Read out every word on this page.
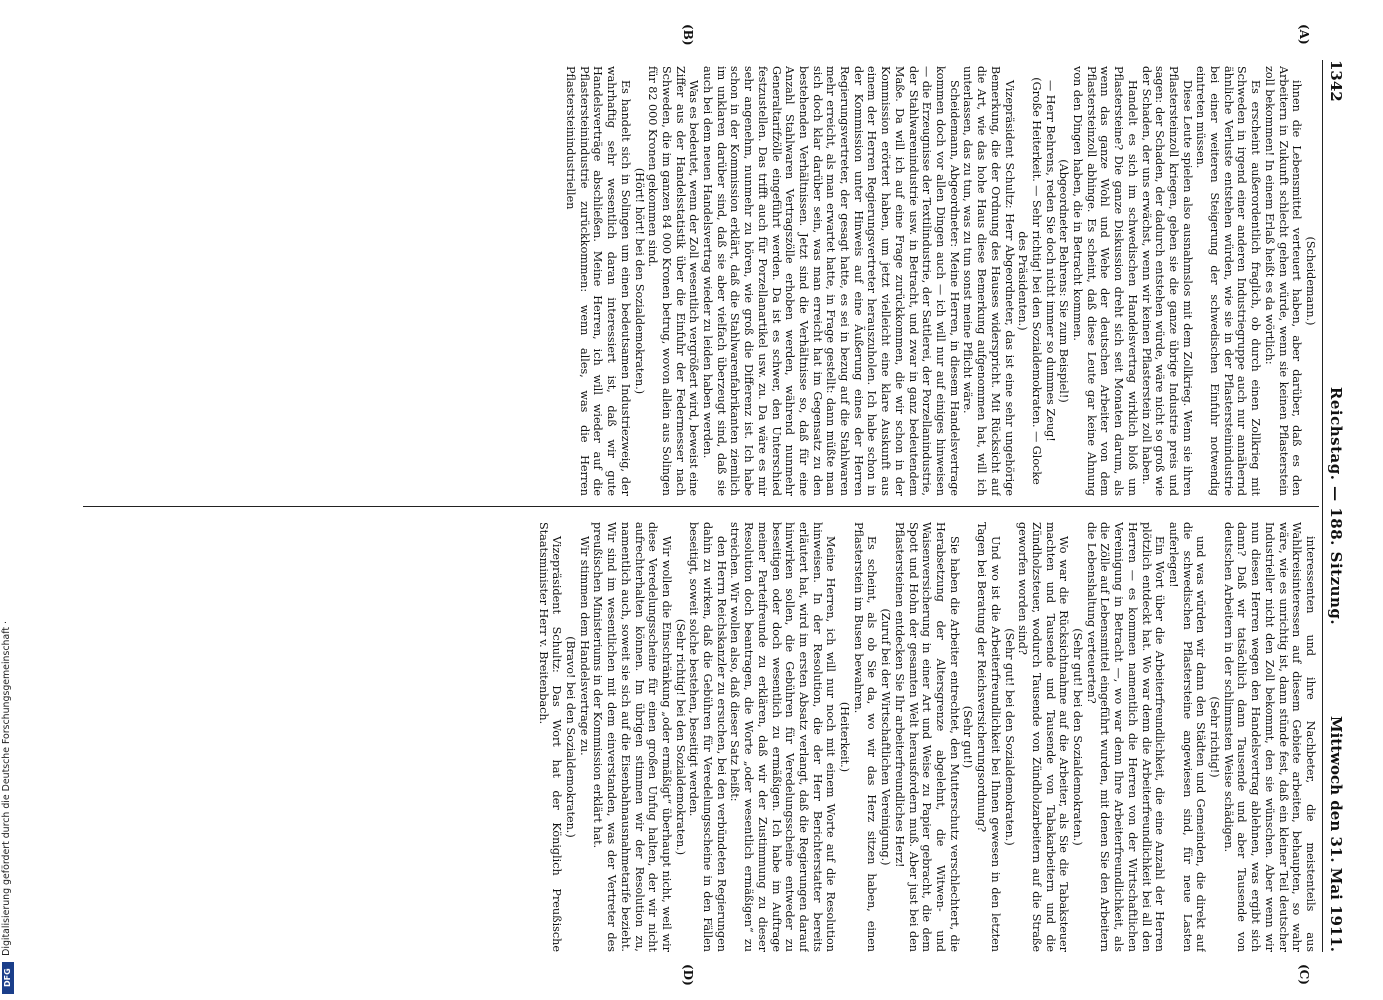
1342
Reichstag. — 188. Sitzung.
Mittwoch den 31. Mai 1911.
(A)
(B)
(C)
(D)

(Scheidemann.)

ihnen die Lebensmittel verteuert haben, aber darüber, daß es den Arbeitern in Zukunft schlecht gehen würde, wenn sie keinen Pflasterstein zoll bekommen! In einem Erlaß heißt es da wörtlich:

Es erscheint außerordentlich fraglich, ob durch einen Zollkrieg mit Schweden in irgend einer anderen Industriegruppe auch nur annähernd ähnliche Verluste entstehen würden, wie sie in der Pflastersteinindustrie bei einer weiteren Steigerung der schwedischen Einfuhr notwendig eintreten müssen.

Diese Leute spielen also ausnahmslos mit dem Zollkrieg. Wenn sie ihren Pflastersteinzoll kriegen, geben sie die ganze übrige Industrie preis und sagen: der Schaden, der dadurch entstehen würde, wäre nicht so groß wie der Schaden, der uns erwächst, wenn wir keinen Pflasterstein zoll haben.

Handelt es sich im schwedischen Handelsvertrag wirklich bloß um Pflastersteine? Die ganze Diskussion dreht sich seit Monaten darum, als wenn das ganze Wohl und Wehe der deutschen Arbeiter von dem Pflastersteinzoll abhinge. Es scheint, daß diese Leute gar keine Ahnung von den Dingen haben, die in Betracht kommen.

(Abgeordneter Behrens: Sie zum Beispiel!)

— Herr Behrens, reden Sie doch nicht immer so dummes Zeug!

(Große Heiterkeit. — Sehr richtig! bei den Sozialdemokraten. — Glocke des Präsidenten.)

Vizepräsident Schultz: Herr Abgeordneter, das ist eine sehr ungehörige Bemerkung, die der Ordnung des Hauses widerspricht. Mit Rücksicht auf die Art, wie das hohe Haus diese Bemerkung aufgenommen hat, will ich unterlassen, das zu tun, was zu tun sonst meine Pflicht wäre.

Scheidemann, Abgeordneter: Meine Herren, in diesem Handelsvertrage kommen doch vor allen Dingen auch — ich will nur auf einiges hinweisen — die Erzeugnisse der Textilindustrie, der Sattlerei, der Porzellanindustrie, der Stahlwarenindustrie usw. in Betracht, und zwar in ganz bedeutendem Maße. Da will ich auf eine Frage zurückkommen, die wir schon in der Kommission erörtert haben, um jetzt vielleicht eine klare Auskunft aus einem der Herren Regierungsvertreter herauszuholen. Ich habe schon in der Kommission unter Hinweis auf eine Äußerung eines der Herren Regierungsvertreter, der gesagt hatte, es sei in bezug auf die Stahlwaren mehr erreicht, als man erwartet hatte, in Frage gestellt: dann müßte man sich doch klar darüber sein, was man erreicht hat im Gegensatz zu den bestehenden Verhältnissen. Jetzt sind die Verhältnisse so, daß für eine Anzahl Stahlwaren Vertragszölle erhoben werden, während nunmehr Generaltarifzölle eingeführt werden. Da ist es schwer, den Unterschied festzustellen. Das trifft auch für Porzellanartikel usw. zu. Da wäre es mir sehr angenehm, nunmehr zu hören, wie groß die Differenz ist. Ich habe schon in der Kommission erklärt, daß die Stahlwarenfabrikanten ziemlich im unklaren darüber sind, daß sie aber vielfach überzeugt sind, daß sie auch bei dem neuen Handelsvertrag wieder zu leiden haben werden.

Was es bedeutet, wenn der Zoll wesentlich vergrößert wird, beweist eine Ziffer aus der Handelsstatistik über die Einfuhr der Federmesser nach Schweden, die im ganzen 84 000 Kronen betrug, wovon allein aus Solingen für 82 000 Kronen gekommen sind.

(Hört! hört! bei den Sozialdemokraten.)

Es handelt sich in Solingen um einen bedeutsamen Industriezweig, der wahrhaftig sehr wesentlich daran interessiert ist, daß wir gute Handelsverträge abschließen. Meine Herren, ich will wieder auf die Pflastersteinindustrie zurückkommen: wenn alles, was die Herren Pflastersteinindustriellen

interessenten und ihre Nachbeter, die meistenteils aus Wahlkreisinteressen auf diesem Gebiete arbeiten, behaupten, so wahr wäre, wie es unrichtig ist, dann stünde fest, daß ein kleiner Teil deutscher Industrieller nicht den Zoll bekommt, den sie wünschen. Aber wenn wir nun diesen Herren wegen den Handelsvertrag ablehnen, was ergibt sich dann? Daß wir tatsächlich dann Tausende und aber Tausende von deutschen Arbeitern in der schlimmsten Weise schädigen.

(Sehr richtig!)

und was würden wir dann den Städten und Gemeinden, die direkt auf die schwedischen Pflastersteine angewiesen sind, für neue Lasten auferlegen!

Ein Wort über die Arbeiterfreundlichkeit, die eine Anzahl der Herren plötzlich entdeckt hat. Wo war denn die Arbeiterfreundlichkeit bei all den Herren — es kommen namentlich die Herren von der Wirtschaftlichen Vereinigung in Betracht —, wo war denn Ihre Arbeiterfreundlichkeit, als die Zölle auf Lebensmittel eingeführt wurden, mit denen Sie den Arbeitern die Lebenshaltung verteuerten?

(Sehr gut! bei den Sozialdemokraten.)

Wo war die Rücksichtnahme auf die Arbeiter, als Sie die Tabaksteuer machten und Tausende und Tausende von Tabakarbeitern und die Zündholzsteuer, wodurch Tausende von Zündholzarbeitern auf die Straße geworfen worden sind?

(Sehr gut! bei den Sozialdemokraten.)

Und wo ist die Arbeiterfreundlichkeit bei Ihnen gewesen in den letzten Tagen bei Beratung der Reichsversicherungsordnung?

(Sehr gut!)

Sie haben die Arbeiter entrechtet, den Mutterschutz verschlechtert, die Herabsetzung der Altersgrenze abgelehnt, die Witwen- und Waisenversicherung in einer Art und Weise zu Papier gebracht, die dem Spott und Hohn der gesamten Welt herausfordern muß. Aber just bei den Pflastersteinen entdecken Sie Ihr arbeiterfreundliches Herz!

(Zuruf bei der Wirtschaftlichen Vereinigung.)

Es scheint, als ob Sie da, wo wir das Herz sitzen haben, einen Pflasterstein im Busen bewahren.

(Heiterkeit.)

Meine Herren, ich will nur noch mit einem Worte auf die Resolution hinweisen. In der Resolution, die der Herr Berichterstatter bereits erläutert hat, wird im ersten Absatz verlangt, daß die Regierungen darauf hinwirken sollen, die Gebühren für Veredelungsscheine entweder zu beseitigen oder doch wesentlich zu ermäßigen. Ich habe im Auftrage meiner Parteifreunde zu erklären, daß wir der Zustimmung zu dieser Resolution doch beantragen, die Worte „oder wesentlich ermäßigen“ zu streichen. Wir wollen also, daß dieser Satz heißt:

den Herrn Reichskanzler zu ersuchen, bei den verbündeten Regierungen dahin zu wirken, daß die Gebühren für Veredelungsscheine in den Fällen beseitigt, soweit solche bestehen, beseitigt werden.

(Sehr richtig! bei den Sozialdemokraten.)

Wir wollen die Einschränkung „oder ermäßigt“ überhaupt nicht, weil wir diese Veredelungsscheine für einen großen Unfug halten, der wir nicht aufrechterhalten können. Im übrigen stimmen wir der Resolution zu, namentlich auch, soweit sie sich auf die Eisenbahnausnahmetarife bezieht. Wir sind im wesentlichen mit dem einverstanden, was der Vertreter des preußischen Ministeriums in der Kommission erklärt hat.

Wir stimmen dem Handelsvertrage zu.

(Bravo! bei den Sozialdemokraten.)

Vizepräsident Schultz: Das Wort hat der Königlich Preußische Staatsminister Herr v. Breitenbach.

Digitalisierung gefördert durch die Deutsche Forschungsgemeinschaft ·
DFG
